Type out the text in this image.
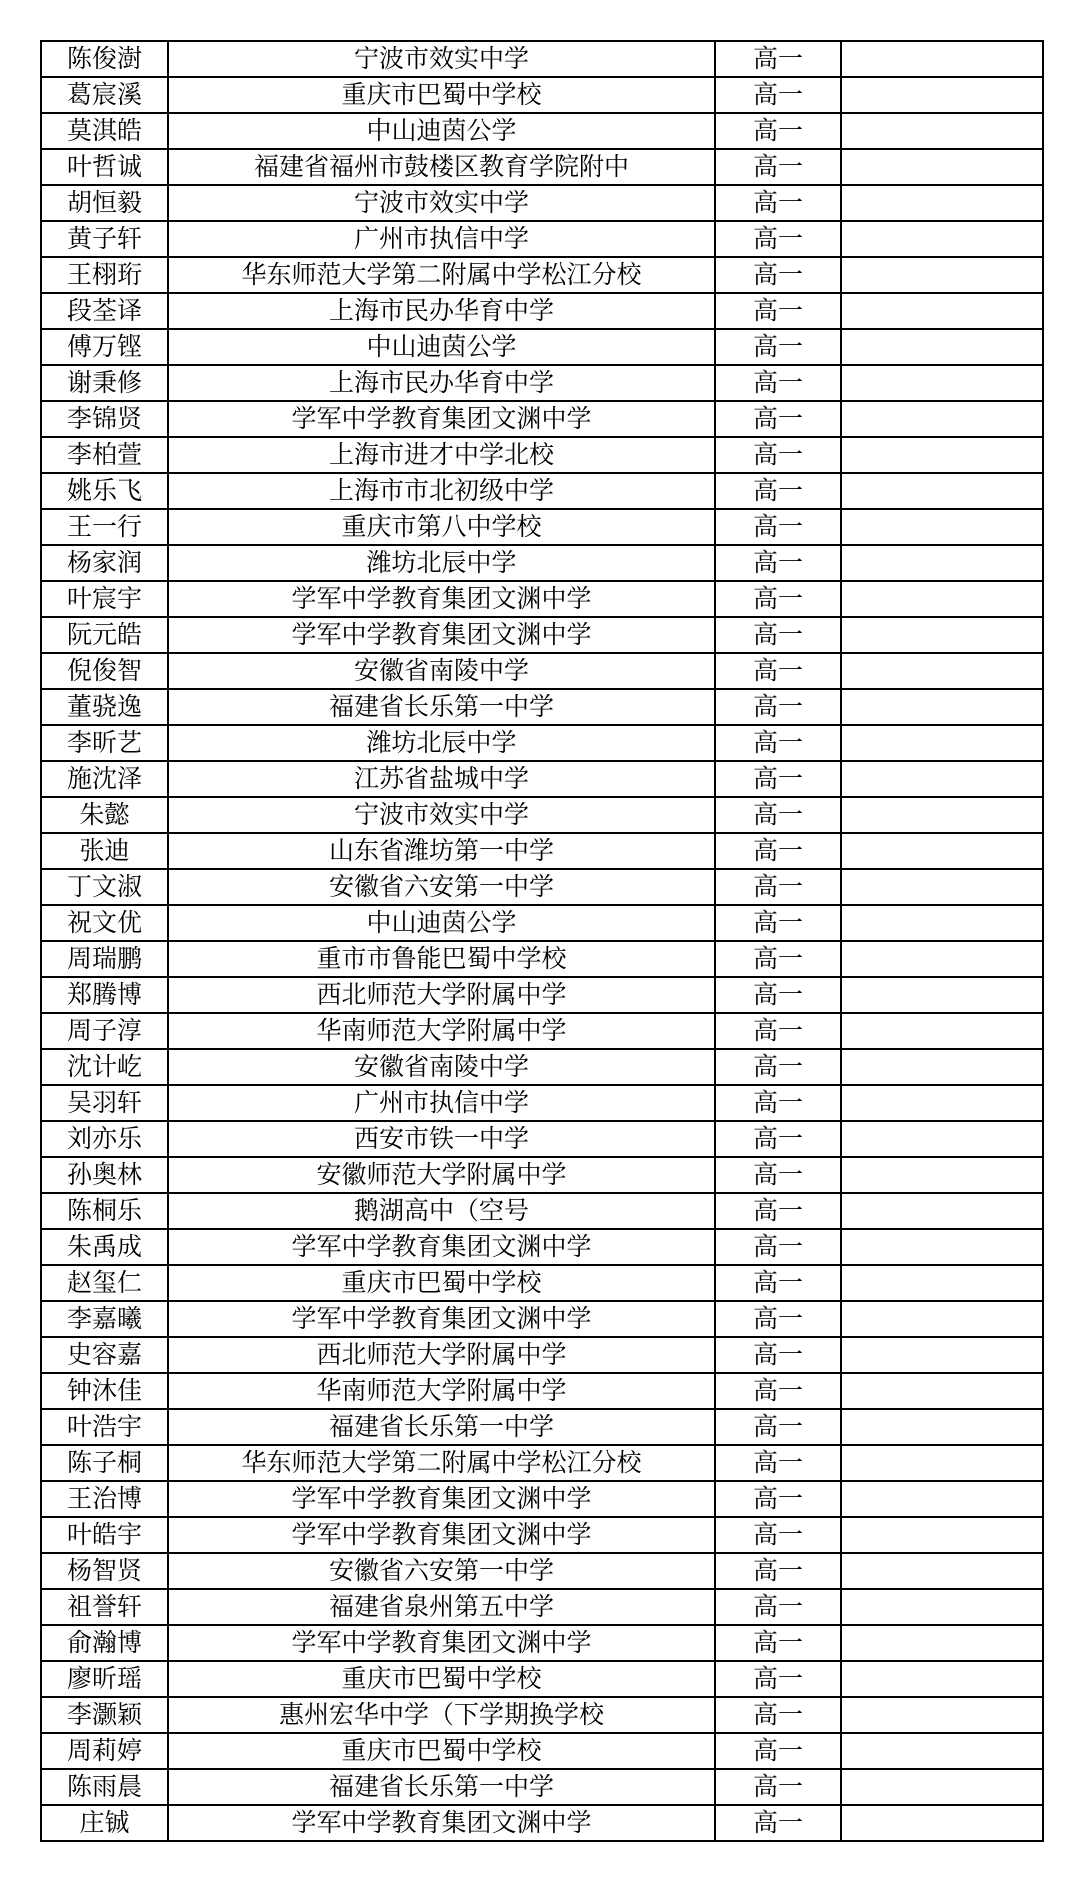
陈俊澍	宁波市效实中学	高一	
葛宸溪	重庆市巴蜀中学校	高一	
莫淇皓	中山迪茵公学	高一	
叶哲诚	福建省福州市鼓楼区教育学院附中	高一	
胡恒毅	宁波市效实中学	高一	
黄子轩	广州市执信中学	高一	
王栩珩	华东师范大学第二附属中学松江分校	高一	
段荃译	上海市民办华育中学	高一	
傅万铿	中山迪茵公学	高一	
谢秉修	上海市民办华育中学	高一	
李锦贤	学军中学教育集团文渊中学	高一	
李柏萱	上海市进才中学北校	高一	
姚乐飞	上海市市北初级中学	高一	
王一行	重庆市第八中学校	高一	
杨家润	潍坊北辰中学	高一	
叶宸宇	学军中学教育集团文渊中学	高一	
阮元皓	学军中学教育集团文渊中学	高一	
倪俊智	安徽省南陵中学	高一	
董骁逸	福建省长乐第一中学	高一	
李昕艺	潍坊北辰中学	高一	
施沈泽	江苏省盐城中学	高一	
朱懿	宁波市效实中学	高一	
张迪	山东省潍坊第一中学	高一	
丁文淑	安徽省六安第一中学	高一	
祝文优	中山迪茵公学	高一	
周瑞鹏	重市市鲁能巴蜀中学校	高一	
郑腾博	西北师范大学附属中学	高一	
周子淳	华南师范大学附属中学	高一	
沈计屹	安徽省南陵中学	高一	
吴羽轩	广州市执信中学	高一	
刘亦乐	西安市铁一中学	高一	
孙奥林	安徽师范大学附属中学	高一	
陈桐乐	鹅湖高中（空号	高一	
朱禹成	学军中学教育集团文渊中学	高一	
赵玺仁	重庆市巴蜀中学校	高一	
李嘉曦	学军中学教育集团文渊中学	高一	
史容嘉	西北师范大学附属中学	高一	
钟沐佳	华南师范大学附属中学	高一	
叶浩宇	福建省长乐第一中学	高一	
陈子桐	华东师范大学第二附属中学松江分校	高一	
王治博	学军中学教育集团文渊中学	高一	
叶皓宇	学军中学教育集团文渊中学	高一	
杨智贤	安徽省六安第一中学	高一	
祖誉轩	福建省泉州第五中学	高一	
俞瀚博	学军中学教育集团文渊中学	高一	
廖昕瑶	重庆市巴蜀中学校	高一	
李灏颖	惠州宏华中学（下学期换学校	高一	
周莉婷	重庆市巴蜀中学校	高一	
陈雨晨	福建省长乐第一中学	高一	
庄铖	学军中学教育集团文渊中学	高一	
